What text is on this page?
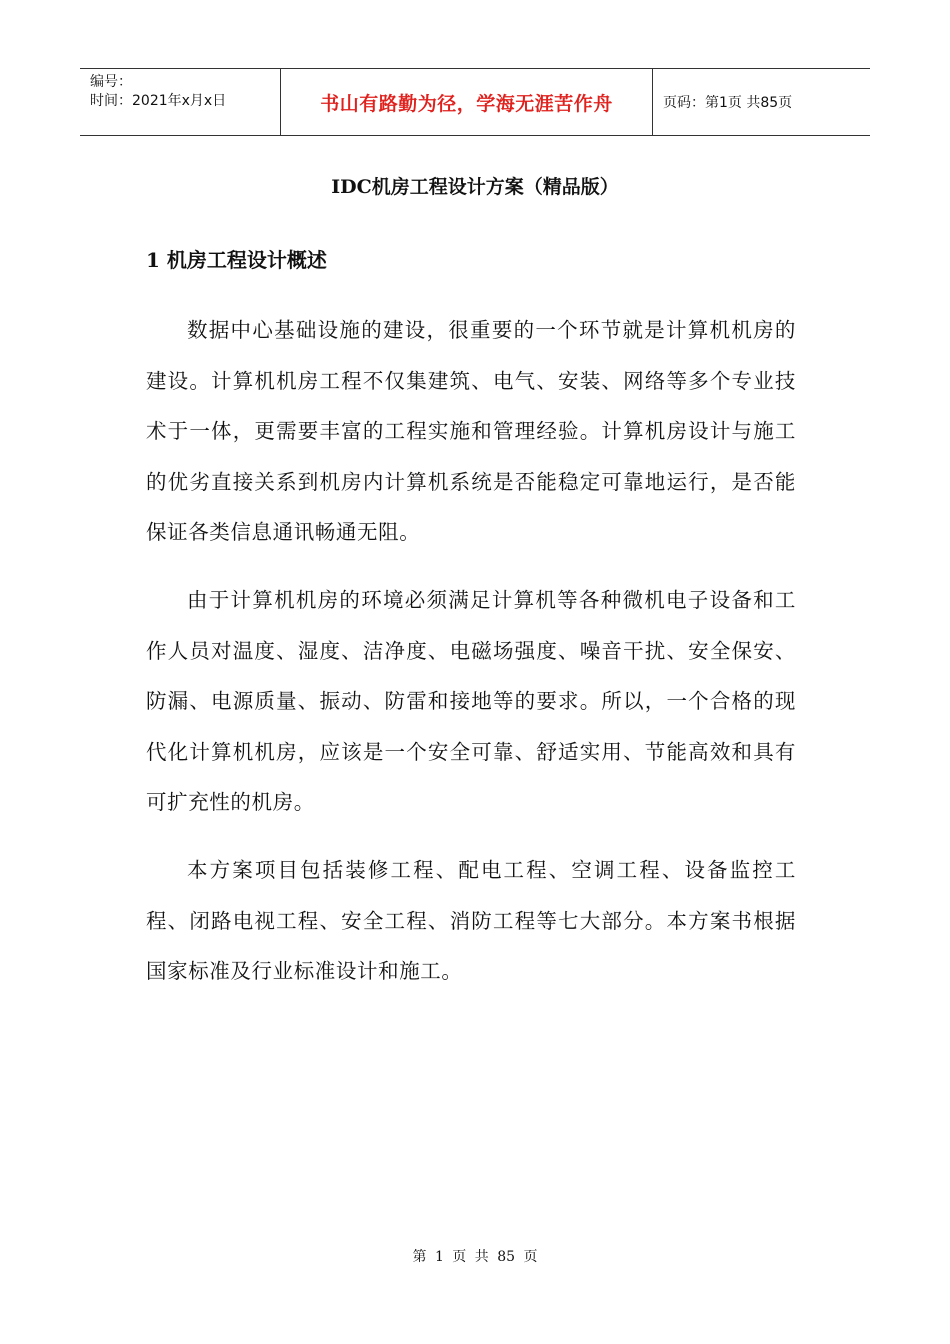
编号：
时间：2021年x月x日	书山有路勤为径，学海无涯苦作舟	页码：第1页 共85页
IDC机房工程设计方案（精品版）
1 机房工程设计概述

数据中心基础设施的建设，很重要的一个环节就是计算机机房的建设。计算机机房工程不仅集建筑、电气、安装、网络等多个专业技术于一体，更需要丰富的工程实施和管理经验。计算机房设计与施工的优劣直接关系到机房内计算机系统是否能稳定可靠地运行，是否能保证各类信息通讯畅通无阻。

由于计算机机房的环境必须满足计算机等各种微机电子设备和工作人员对温度、湿度、洁净度、电磁场强度、噪音干扰、安全保安、防漏、电源质量、振动、防雷和接地等的要求。所以，一个合格的现代化计算机机房，应该是一个安全可靠、舒适实用、节能高效和具有可扩充性的机房。

本方案项目包括装修工程、配电工程、空调工程、设备监控工程、闭路电视工程、安全工程、消防工程等七大部分。本方案书根据国家标准及行业标准设计和施工。

第 1 页 共 85 页
